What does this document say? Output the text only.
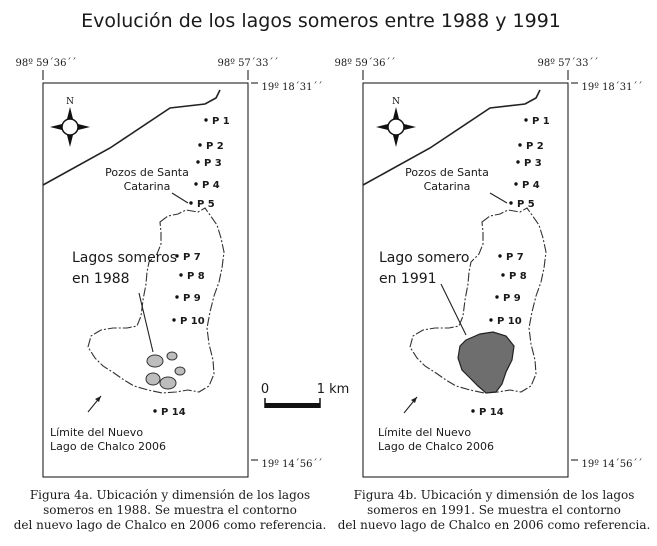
Evolución de los lagos someros entre 1988 y 1991
98º 59´36´´	98º 57´33´´
19º 18´31´´
19º 14´56´´
N
P 1
P 2
P 3
P 4
P 5
P 7
P 8
P 9
P 10
P 14
Pozos de Santa
Catarina
Lagos someros
en 1988
Límite del Nuevo
Lago de Chalco 2006
0	1 km
98º 59´36´´	98º 57´33´´
19º 18´31´´
19º 14´56´´
N
P 1
P 2
P 3
P 4
P 5
P 7
P 8
P 9
P 10
P 14
Pozos de Santa
Catarina
Lago somero
en 1991
Límite del Nuevo
Lago de Chalco 2006
Figura 4a. Ubicación y dimensión de los lagos
someros en 1988. Se muestra el contorno
del nuevo lago de Chalco en 2006 como referencia.
Figura 4b. Ubicación y dimensión de los lagos
someros en 1991. Se muestra el contorno
del nuevo lago de Chalco en 2006 como referencia.
